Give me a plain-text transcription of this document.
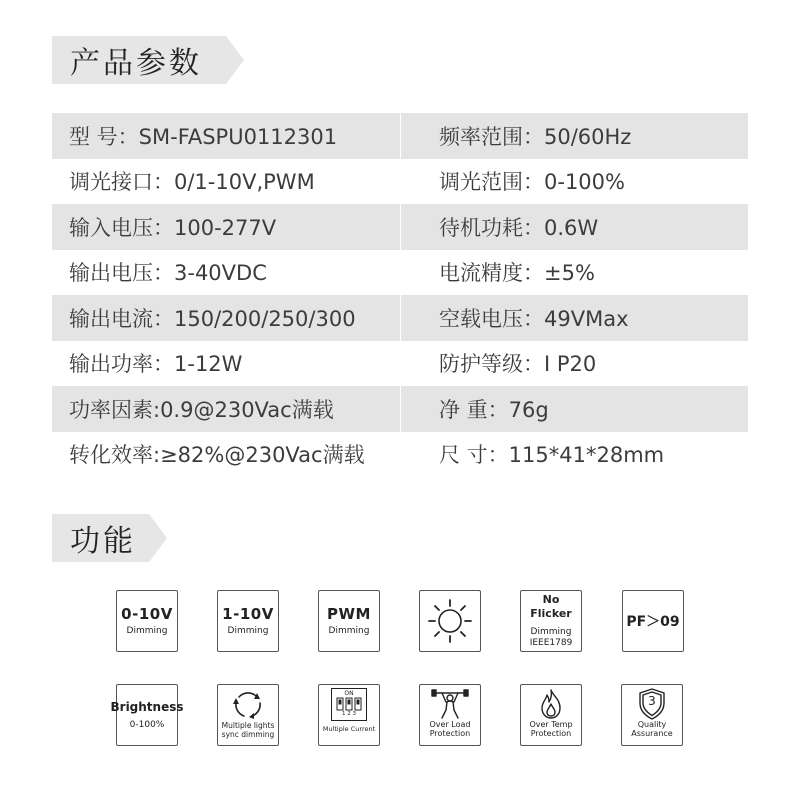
产品参数
型 号：SM-FASPU0112301	频率范围：50/60Hz
调光接口：0/1-10V,PWM	调光范围：0-100%
输入电压：100-277V	待机功耗：0.6W
输出电压：3-40VDC	电流精度：±5%
输出电流：150/200/250/300	空载电压：49VMax
输出功率：1-12W	防护等级：I P20
功率因素:0.9@230Vac满载	净 重：76g
转化效率:≥82%@230Vac满载	尺 寸：115*41*28mm
功能
0-10V
Dimming
1-10V
Dimming
PWM
Dimming
No Flicker
Dimming
IEEE1789
PF＞09
Brightness
0-100%	Multiple lights
sync dimming
ON
1 2 3
Multiple Current	Over Load
Protection
Over Temp
Protection
3
Quality
Assurance
